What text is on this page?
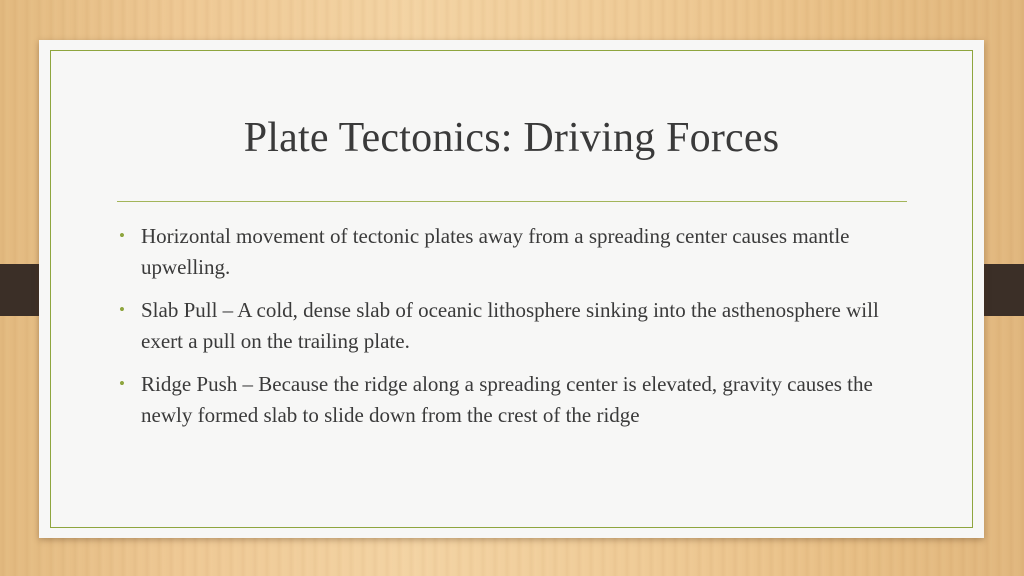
Plate Tectonics: Driving Forces
• Horizontal movement of tectonic plates away from a spreading center causes mantle upwelling.
• Slab Pull – A cold, dense slab of oceanic lithosphere sinking into the asthenosphere will exert a pull on the trailing plate.
• Ridge Push – Because the ridge along a spreading center is elevated, gravity causes the newly formed slab to slide down from the crest of the ridge
